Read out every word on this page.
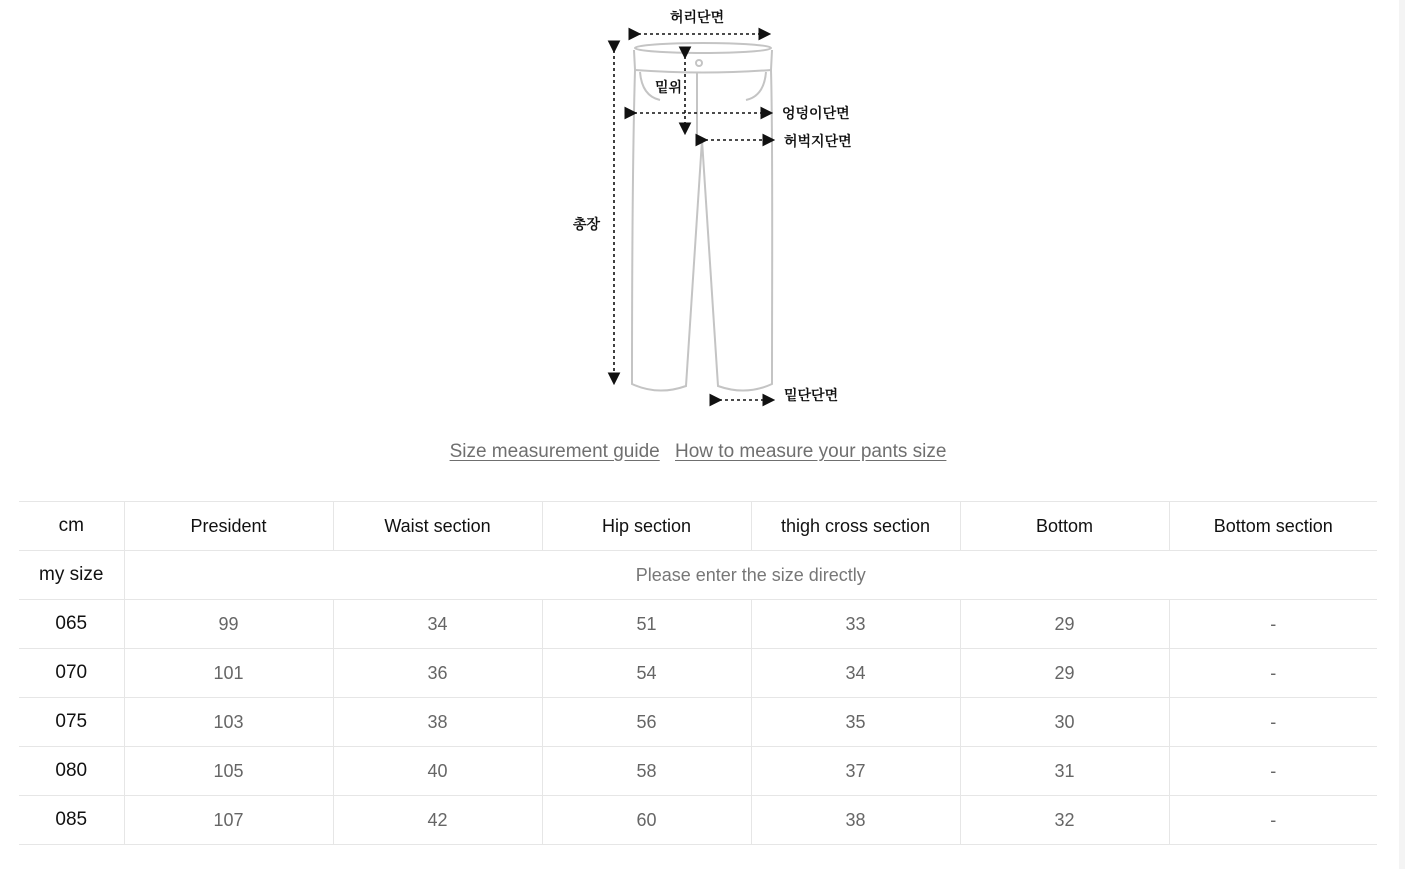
허리단면
밑위
엉덩이단면
허벅지단면
총장
밑단단면
Size measurement guide How to measure your pants size
cm	President	Waist section	Hip section	thigh cross section	Bottom	Bottom section
my size	Please enter the size directly					
065	99	34	51	33	29	-
070	101	36	54	34	29	-
075	103	38	56	35	30	-
080	105	40	58	37	31	-
085	107	42	60	38	32	-
